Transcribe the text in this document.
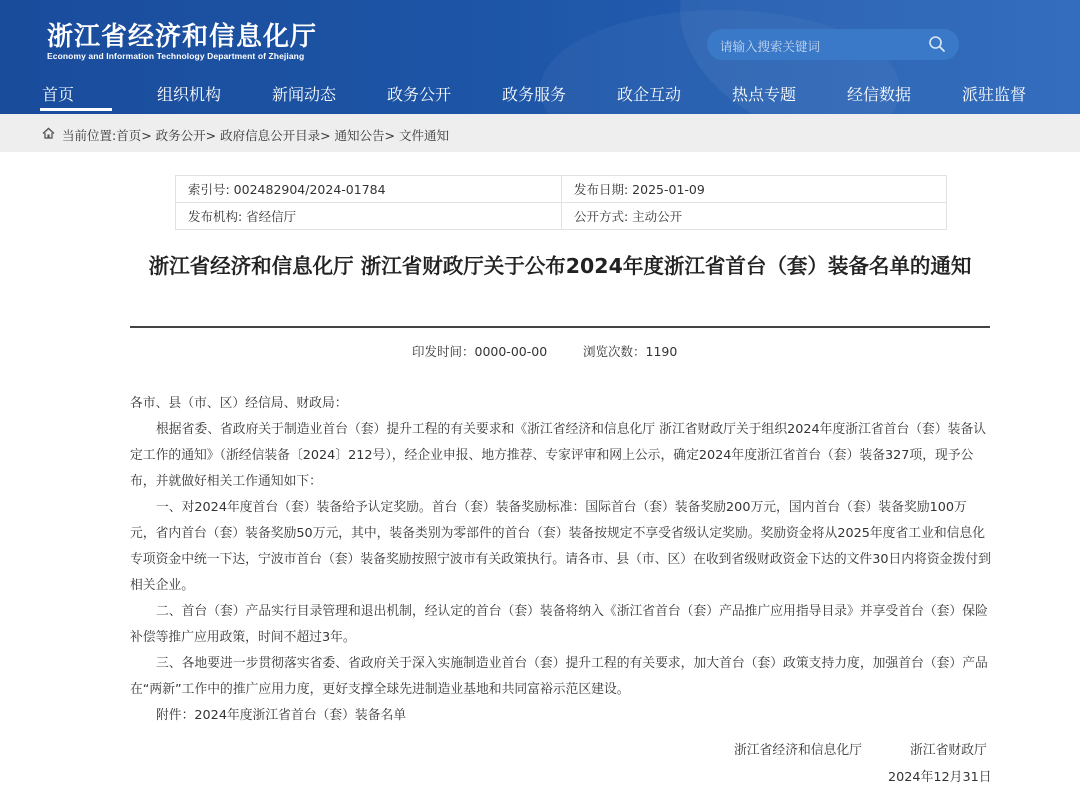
浙江省经济和信息化厅
Economy and Information Technology Department of Zhejiang
请输入搜索关键词
首页	组织机构	新闻动态	政务公开	政务服务	政企互动	热点专题	经信数据	派驻监督
当前位置:首页> 政务公开> 政府信息公开目录> 通知公告> 文件通知
索引号: 002482904/2024-01784	发布日期: 2025-01-09
发布机构: 省经信厅	公开方式: 主动公开
浙江省经济和信息化厅 浙江省财政厅关于公布2024年度浙江省首台（套）装备名单的通知
印发时间：0000-00-00	浏览次数：1190

各市、县（市、区）经信局、财政局：

根据省委、省政府关于制造业首台（套）提升工程的有关要求和《浙江省经济和信息化厅 浙江省财政厅关于组织2024年度浙江省首台（套）装备认定工作的通知》（浙经信装备〔2024〕212号），经企业申报、地方推荐、专家评审和网上公示，确定2024年度浙江省首台（套）装备327项，现予公布，并就做好相关工作通知如下：

一、对2024年度首台（套）装备给予认定奖励。首台（套）装备奖励标准：国际首台（套）装备奖励200万元，国内首台（套）装备奖励100万元，省内首台（套）装备奖励50万元，其中，装备类别为零部件的首台（套）装备按规定不享受省级认定奖励。奖励资金将从2025年度省工业和信息化专项资金中统一下达，宁波市首台（套）装备奖励按照宁波市有关政策执行。请各市、县（市、区）在收到省级财政资金下达的文件30日内将资金拨付到相关企业。

二、首台（套）产品实行目录管理和退出机制，经认定的首台（套）装备将纳入《浙江省首台（套）产品推广应用指导目录》并享受首台（套）保险补偿等推广应用政策，时间不超过3年。

三、各地要进一步贯彻落实省委、省政府关于深入实施制造业首台（套）提升工程的有关要求，加大首台（套）政策支持力度，加强首台（套）产品在“两新”工作中的推广应用力度，更好支撑全球先进制造业基地和共同富裕示范区建设。

附件：2024年度浙江省首台（套）装备名单

浙江省经济和信息化厅	浙江省财政厅
2024年12月31日
